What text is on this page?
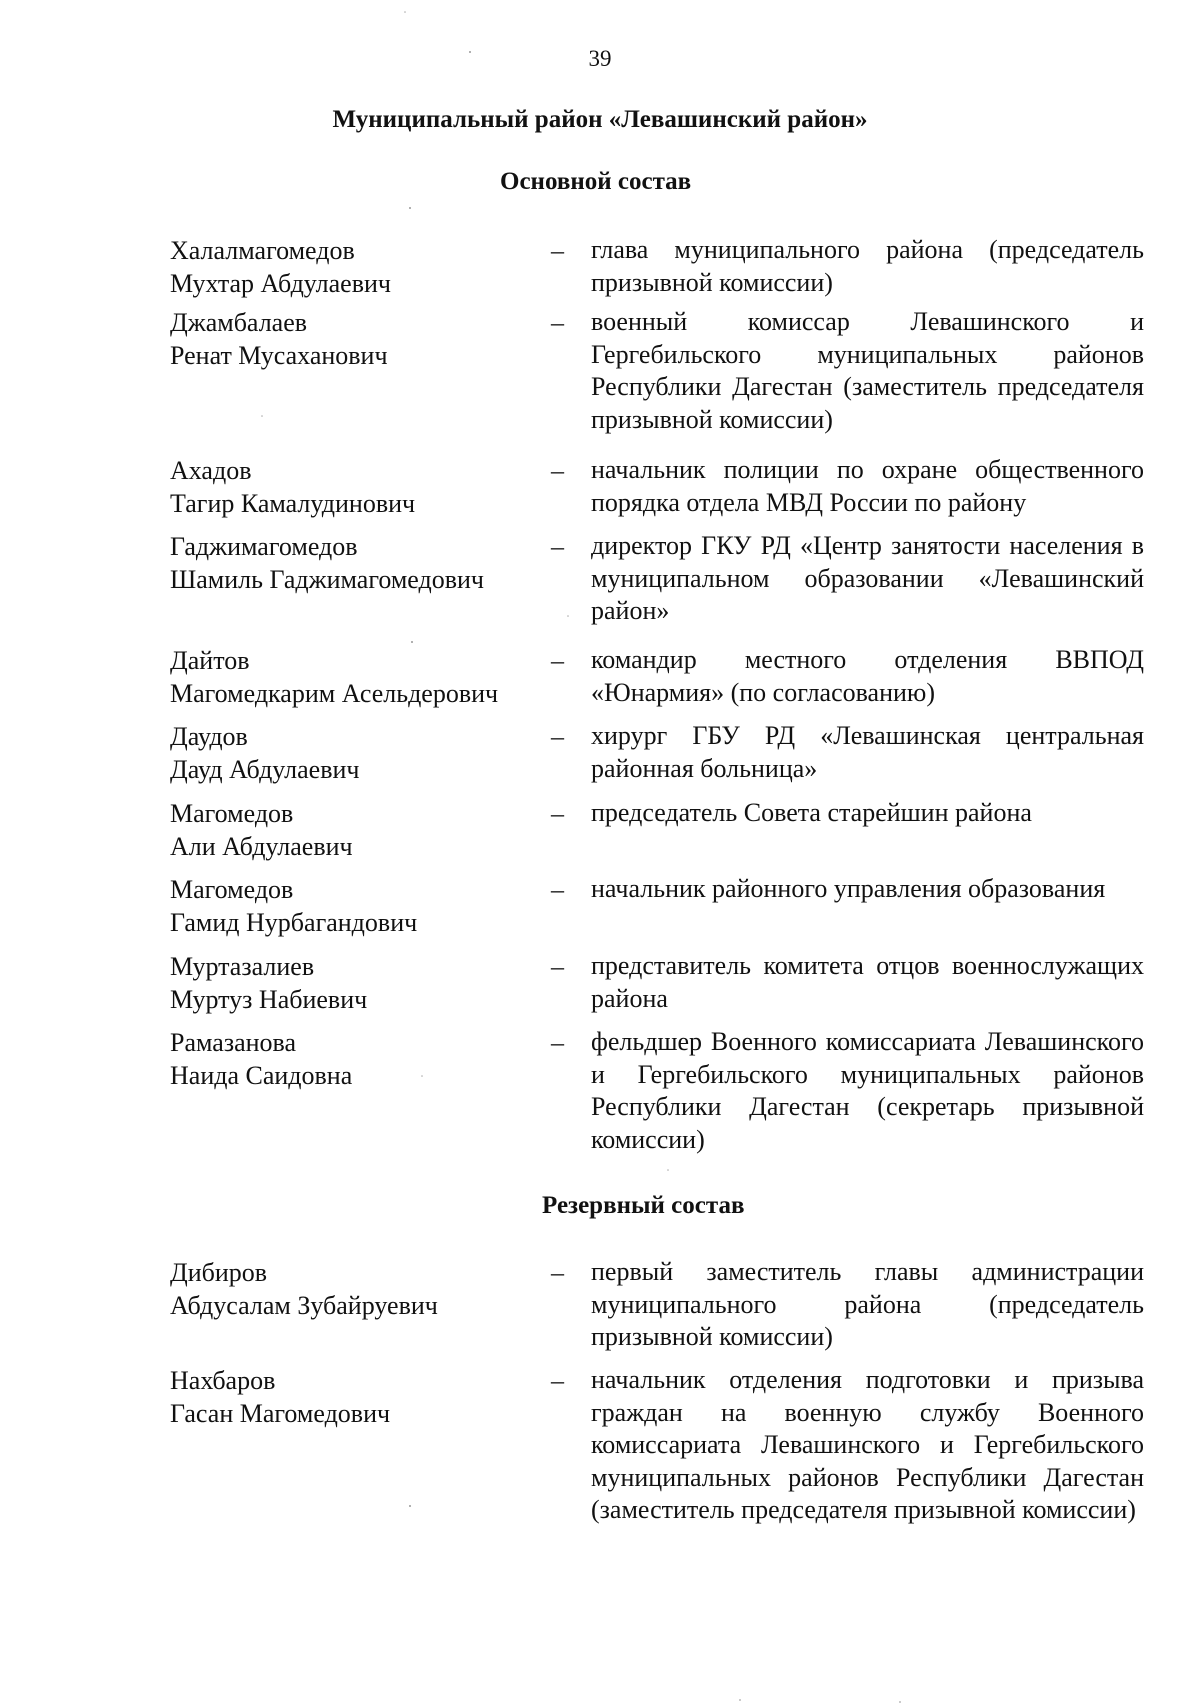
39
Муниципальный район «Левашинский район»
Основной состав
Халалмагомедов
Мухтар Абдулаевич
– глава муниципального района (председатель призывной комиссии)
Джамбалаев
Ренат Мусаханович
– военный комиссар Левашинского и Гергебильского муниципальных районов Республики Дагестан (заместитель председателя призывной комиссии)
Ахадов
Тагир Камалудинович
– начальник полиции по охране общественного порядка отдела МВД России по району
Гаджимагомедов
Шамиль Гаджимагомедович
– директор ГКУ РД «Центр занятости населения в муниципальном образовании «Левашинский район»
Дайтов
Магомедкарим Асельдерович
– командир местного отделения ВВПОД «Юнармия» (по согласованию)
Даудов
Дауд Абдулаевич
– хирург ГБУ РД «Левашинская центральная районная больница»
Магомедов
Али Абдулаевич
– председатель Совета старейшин района
Магомедов
Гамид Нурбагандович
– начальник районного управления образования
Муртазалиев
Муртуз Набиевич
– представитель комитета отцов военнослужащих района
Рамазанова
Наида Саидовна
– фельдшер Военного комиссариата Левашинского и Гергебильского муниципальных районов Республики Дагестан (секретарь призывной комиссии)
Резервный состав
Дибиров
Абдусалам Зубайруевич
– первый заместитель главы администрации муниципального района (председатель призывной комиссии)
Нахбаров
Гасан Магомедович
– начальник отделения подготовки и призыва граждан на военную службу Военного комиссариата Левашинского и Гергебильского муниципальных районов Республики Дагестан (заместитель председателя призывной комиссии)
